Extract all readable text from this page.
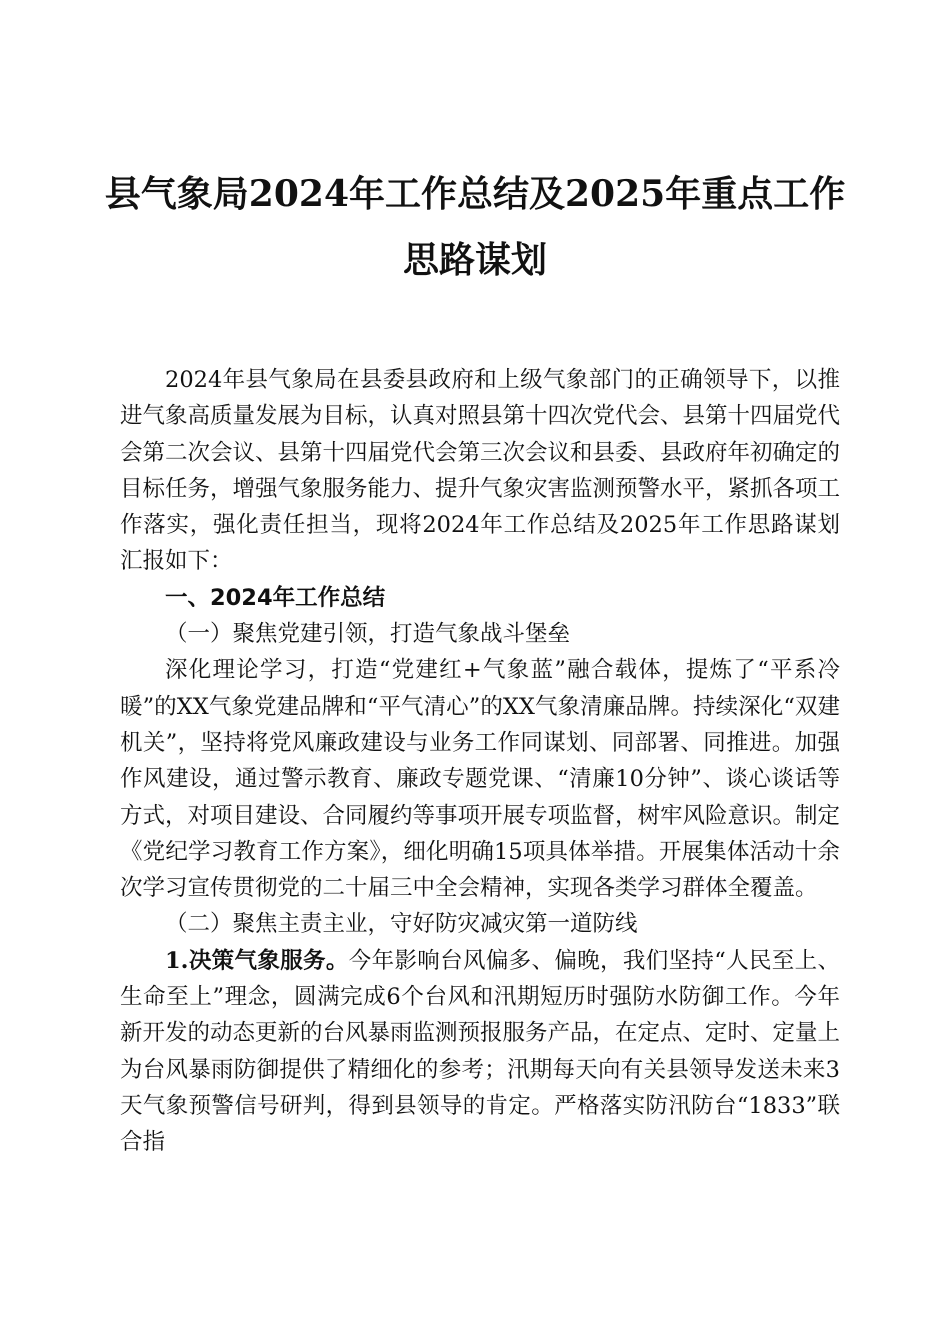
县气象局2024年工作总结及2025年重点工作
思路谋划

2024年县气象局在县委县政府和上级气象部门的正确领导下，以推进气象高质量发展为目标，认真对照县第十四次党代会、县第十四届党代会第二次会议、县第十四届党代会第三次会议和县委、县政府年初确定的目标任务，增强气象服务能力、提升气象灾害监测预警水平，紧抓各项工作落实，强化责任担当，现将2024年工作总结及2025年工作思路谋划汇报如下：

一、2024年工作总结

（一）聚焦党建引领，打造气象战斗堡垒

深化理论学习，打造“党建红+气象蓝”融合载体，提炼了“平系冷暖”的XX气象党建品牌和“平气清心”的XX气象清廉品牌。持续深化“双建机关”，坚持将党风廉政建设与业务工作同谋划、同部署、同推进。加强作风建设，通过警示教育、廉政专题党课、“清廉10分钟”、谈心谈话等方式，对项目建设、合同履约等事项开展专项监督，树牢风险意识。制定《党纪学习教育工作方案》，细化明确15项具体举措。开展集体活动十余次学习宣传贯彻党的二十届三中全会精神，实现各类学习群体全覆盖。

（二）聚焦主责主业，守好防灾减灾第一道防线

1.决策气象服务。今年影响台风偏多、偏晚，我们坚持“人民至上、生命至上”理念，圆满完成6个台风和汛期短历时强防水防御工作。今年新开发的动态更新的台风暴雨监测预报服务产品，在定点、定时、定量上为台风暴雨防御提供了精细化的参考；汛期每天向有关县领导发送未来3天气象预警信号研判，得到县领导的肯定。严格落实防汛防台“1833”联合指
